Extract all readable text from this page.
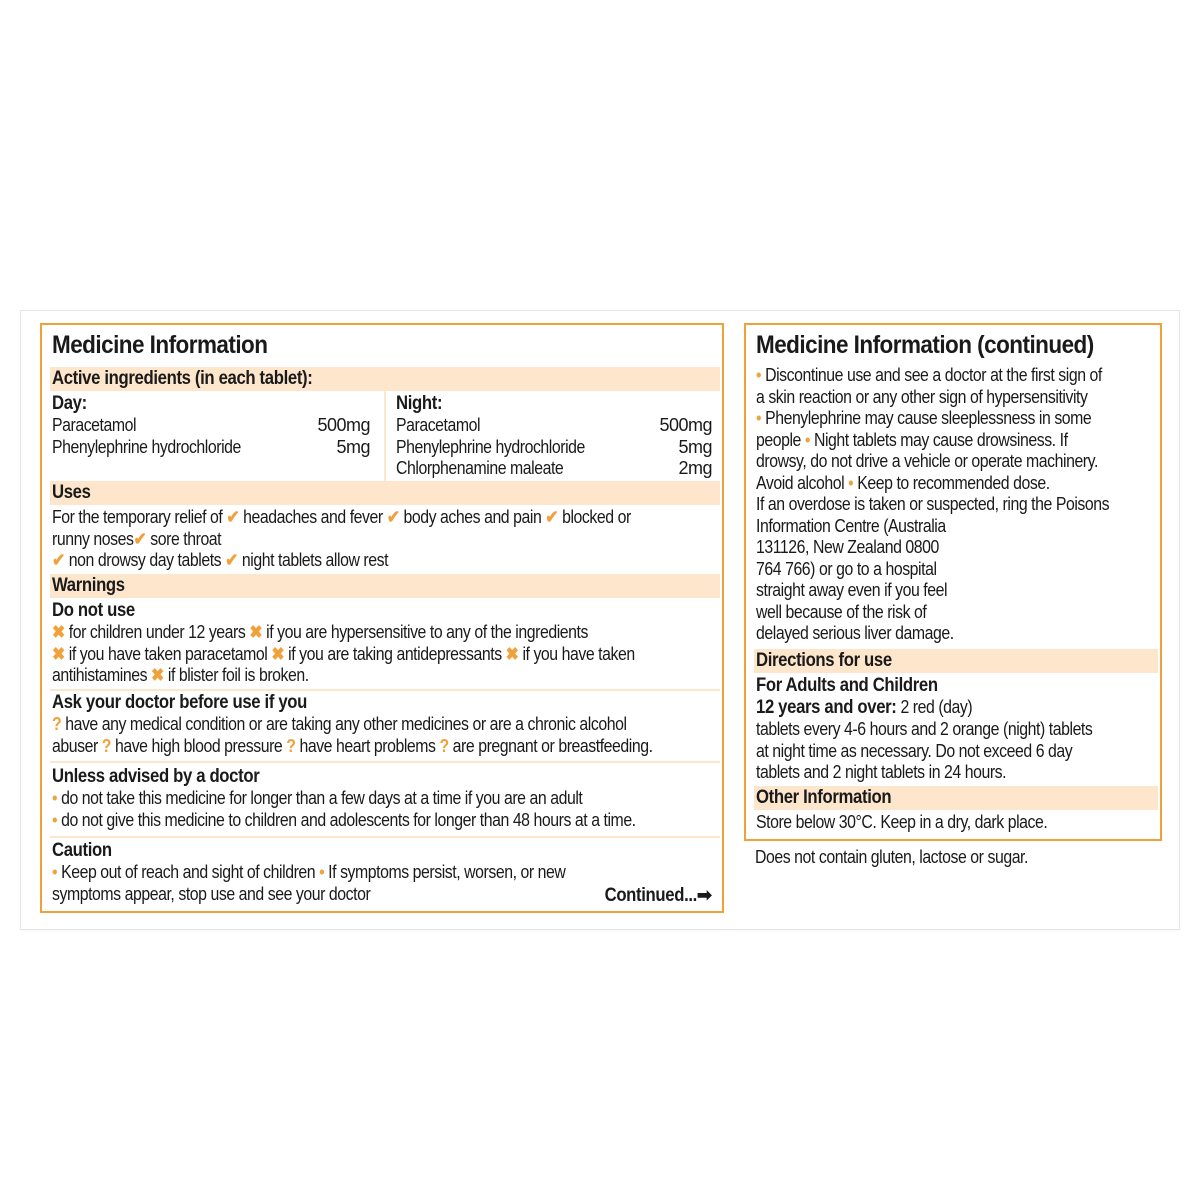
Medicine Information
Active ingredients (in each tablet):
Day:
Paracetamol	500mg
Phenylephrine hydrochloride	5mg
Night:
Paracetamol	500mg
Phenylephrine hydrochloride	5mg
Chlorphenamine maleate	2mg
Uses
For the temporary relief of ✔ headaches and fever ✔ body aches and pain ✔ blocked or
runny noses✔ sore throat
✔ non drowsy day tablets ✔ night tablets allow rest
Warnings
Do not use
✖ for children under 12 years ✖ if you are hypersensitive to any of the ingredients
✖ if you have taken paracetamol ✖ if you are taking antidepressants ✖ if you have taken
antihistamines ✖ if blister foil is broken.
Ask your doctor before use if you
? have any medical condition or are taking any other medicines or are a chronic alcohol
abuser ? have high blood pressure ? have heart problems ? are pregnant or breastfeeding.
Unless advised by a doctor
• do not take this medicine for longer than a few days at a time if you are an adult
• do not give this medicine to children and adolescents for longer than 48 hours at a time.
Caution
• Keep out of reach and sight of children • If symptoms persist, worsen, or new
symptoms appear, stop use and see your doctor	Continued...➡
Medicine Information (continued)
• Discontinue use and see a doctor at the first sign of
a skin reaction or any other sign of hypersensitivity
• Phenylephrine may cause sleeplessness in some
people • Night tablets may cause drowsiness. If
drowsy, do not drive a vehicle or operate machinery.
Avoid alcohol • Keep to recommended dose.
If an overdose is taken or suspected, ring the Poisons
Information Centre (Australia
131126, New Zealand 0800
764 766) or go to a hospital
straight away even if you feel
well because of the risk of
delayed serious liver damage.
Directions for use
For Adults and Children
12 years and over: 2 red (day)
tablets every 4-6 hours and 2 orange (night) tablets
at night time as necessary. Do not exceed 6 day
tablets and 2 night tablets in 24 hours.
Other Information
Store below 30°C. Keep in a dry, dark place.
Does not contain gluten, lactose or sugar.
